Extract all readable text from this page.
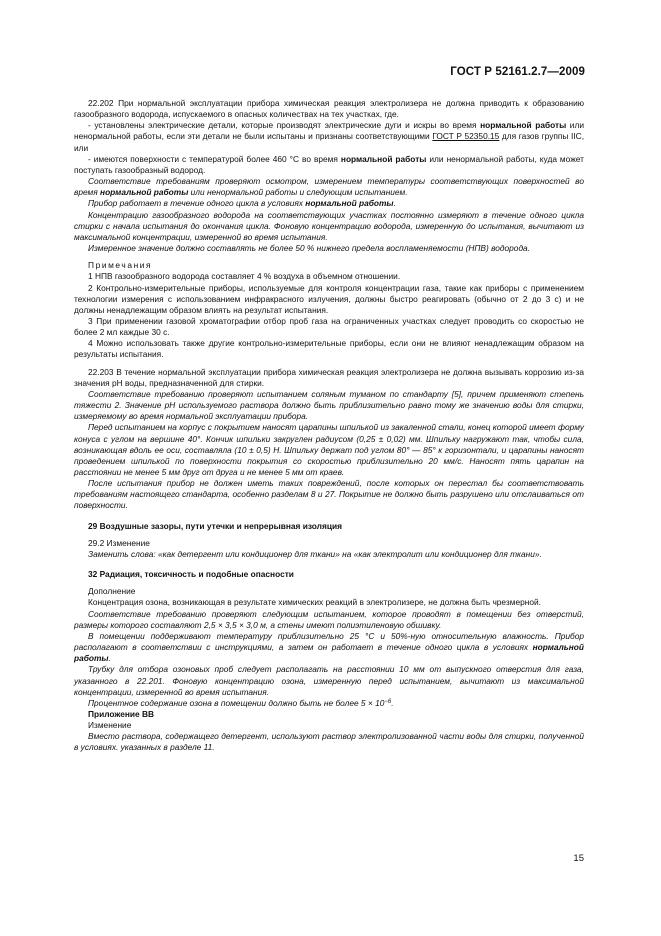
ГОСТ Р 52161.2.7—2009

22.202 При нормальной эксплуатации прибора химическая реакция электролизера не должна приводить к образованию газообразного водорода, испускаемого в опасных количествах на тех участках, где.

- установлены электрические детали, которые производят электрические дуги и искры во время нормальной работы или ненормальной работы, если эти детали не были испытаны и признаны соответствующими ГОСТ Р 52350.15 для газов группы IIC, или

- имеются поверхности с температурой более 460 °С во время нормальной работы или ненормальной работы, куда может поступать газообразный водород.

Соответствие требованиям проверяют осмотром, измерением температуры соответствующих поверхностей во время нормальной работы или ненормальной работы и следующим испытанием.

Прибор работает в течение одного цикла в условиях нормальной работы.

Концентрацию газообразного водорода на соответствующих участках постоянно измеряют в течение одного цикла стирки с начала испытания до окончания цикла. Фоновую концентрацию водорода, измеренную до испытания, вычитают из максимальной концентрации, измеренной во время испытания.

Измеренное значение должно составлять не более 50 % нижнего предела воспламеняемости (НПВ) водорода.

Примечания

1 НПВ газообразного водорода составляет 4 % воздуха в объемном отношении.

2 Контрольно-измерительные приборы, используемые для контроля концентрации газа, такие как приборы с применением технологии измерения с использованием инфракрасного излучения, должны быстро реагировать (обычно от 2 до 3 с) и не должны ненадлежащим образом влиять на результат испытания.

3 При применении газовой хроматографии отбор проб газа на ограниченных участках следует проводить со скоростью не более 2 мл каждые 30 с.

4 Можно использовать также другие контрольно-измерительные приборы, если они не влияют ненадлежащим образом на результаты испытания.

22.203 В течение нормальной эксплуатации прибора химическая реакция электролизера не должна вызывать коррозию из-за значения pH воды, предназначенной для стирки.

Соответствие требованию проверяют испытанием соляным туманом по стандарту [5], причем применяют степень тяжести 2. Значение pH используемого раствора должно быть приблизительно равно тому же значению воды для стирки, измеряемому во время нормальной эксплуатации прибора.

Перед испытанием на корпус с покрытием наносят царапины шпилькой из закаленной стали, конец которой имеет форму конуса с углом на вершине 40°. Кончик шпильки закруглен радиусом (0,25 ± 0,02) мм. Шпильку нагружают так, чтобы сила, возникающая вдоль ее оси, составляла (10 ± 0,5) Н. Шпильку держат под углом 80° — 85° к горизонтали, и царапины наносят проведением шпилькой по поверхности покрытия со скоростью приблизительно 20 мм/с. Наносят пять царапин на расстоянии не менее 5 мм друг от друга и не менее 5 мм от краев.

После испытания прибор не должен иметь таких повреждений, после которых он перестал бы соответствовать требованиям настоящего стандарта, особенно разделам 8 и 27. Покрытие не должно быть разрушено или отслаиваться от поверхности.

29 Воздушные зазоры, пути утечки и непрерывная изоляция

29.2 Изменение

Заменить слова: «как детергент или кондиционер для ткани» на «как электролит или кондиционер для ткани».

32 Радиация, токсичность и подобные опасности

Дополнение

Концентрация озона, возникающая в результате химических реакций в электролизере, не должна быть чрезмерной.

Соответствие требованию проверяют следующим испытанием, которое проводят в помещении без отверстий, размеры которого составляют 2,5 × 3,5 × 3,0 м, а стены имеют полиэтиленовую обшивку.

В помещении поддерживают температуру приблизительно 25 °С и 50%-ную относительную влажность. Прибор располагают в соответствии с инструкциями, а затем он работает в течение одного цикла в условиях нормальной работы.

Трубку для отбора озоновых проб следует располагать на расстоянии 10 мм от выпускного отверстия для газа, указанного в 22.201. Фоновую концентрацию озона, измеренную перед испытанием, вычитают из максимальной концентрации, измеренной во время испытания.

Процентное содержание озона в помещении должно быть не более $5 \times 10^{-6}$.

Приложение ВВ

Изменение

Вместо раствора, содержащего детергент, используют раствор электролизованной части воды для стирки, полученной в условиях. указанных в разделе 11.

15
